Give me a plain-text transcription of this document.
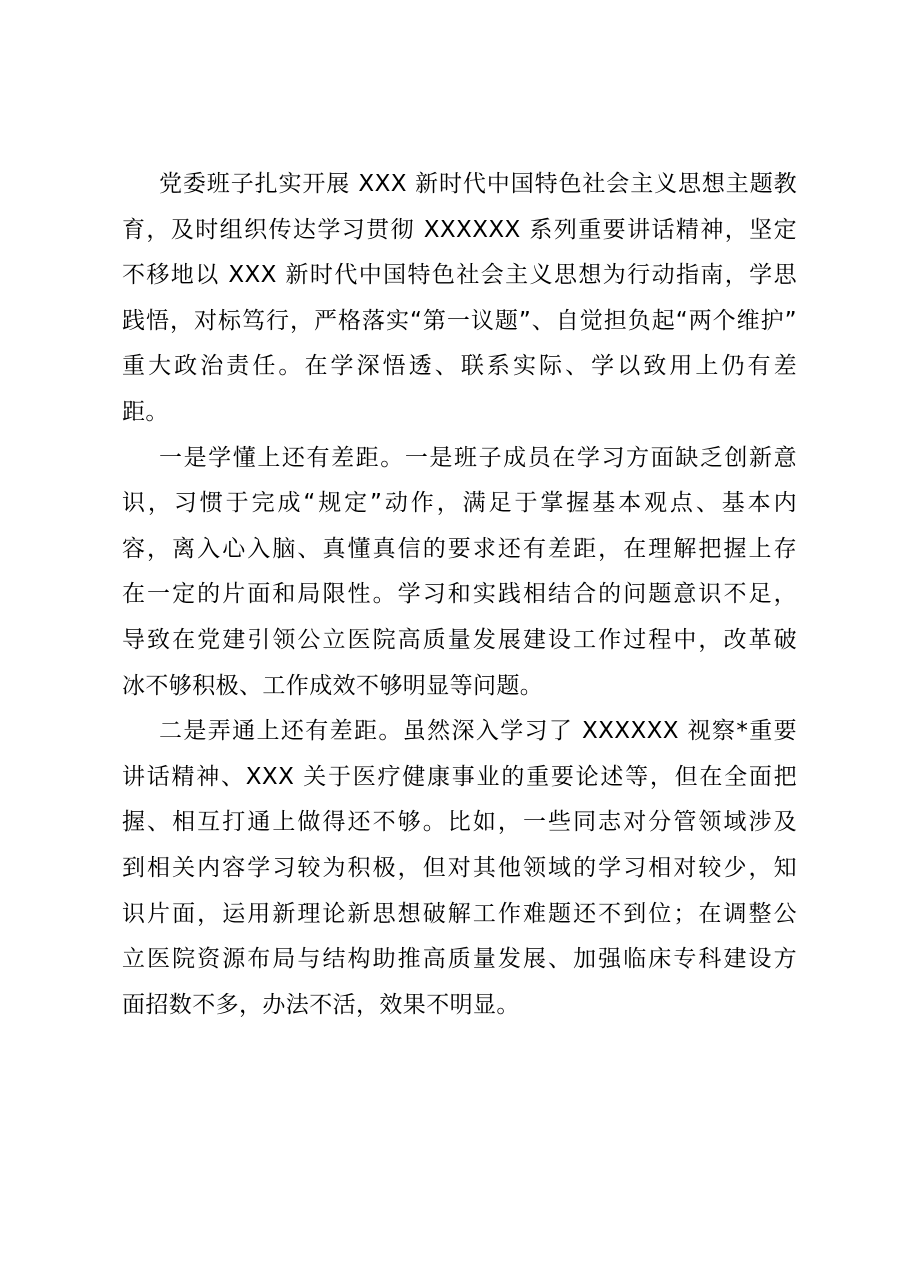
党委班子扎实开展 XXX 新时代中国特色社会主义思想主题教
育，及时组织传达学习贯彻 XXXXXX 系列重要讲话精神，坚定
不移地以 XXX 新时代中国特色社会主义思想为行动指南，学思
践悟，对标笃行，严格落实“第一议题”、自觉担负起“两个维护”
重大政治责任。在学深悟透、联系实际、学以致用上仍有差
距。
一是学懂上还有差距。一是班子成员在学习方面缺乏创新意
识，习惯于完成“规定”动作，满足于掌握基本观点、基本内
容，离入心入脑、真懂真信的要求还有差距，在理解把握上存
在一定的片面和局限性。学习和实践相结合的问题意识不足，
导致在党建引领公立医院高质量发展建设工作过程中，改革破
冰不够积极、工作成效不够明显等问题。
二是弄通上还有差距。虽然深入学习了 XXXXXX 视察*重要
讲话精神、XXX 关于医疗健康事业的重要论述等，但在全面把
握、相互打通上做得还不够。比如，一些同志对分管领域涉及
到相关内容学习较为积极，但对其他领域的学习相对较少，知
识片面，运用新理论新思想破解工作难题还不到位；在调整公
立医院资源布局与结构助推高质量发展、加强临床专科建设方
面招数不多，办法不活，效果不明显。
